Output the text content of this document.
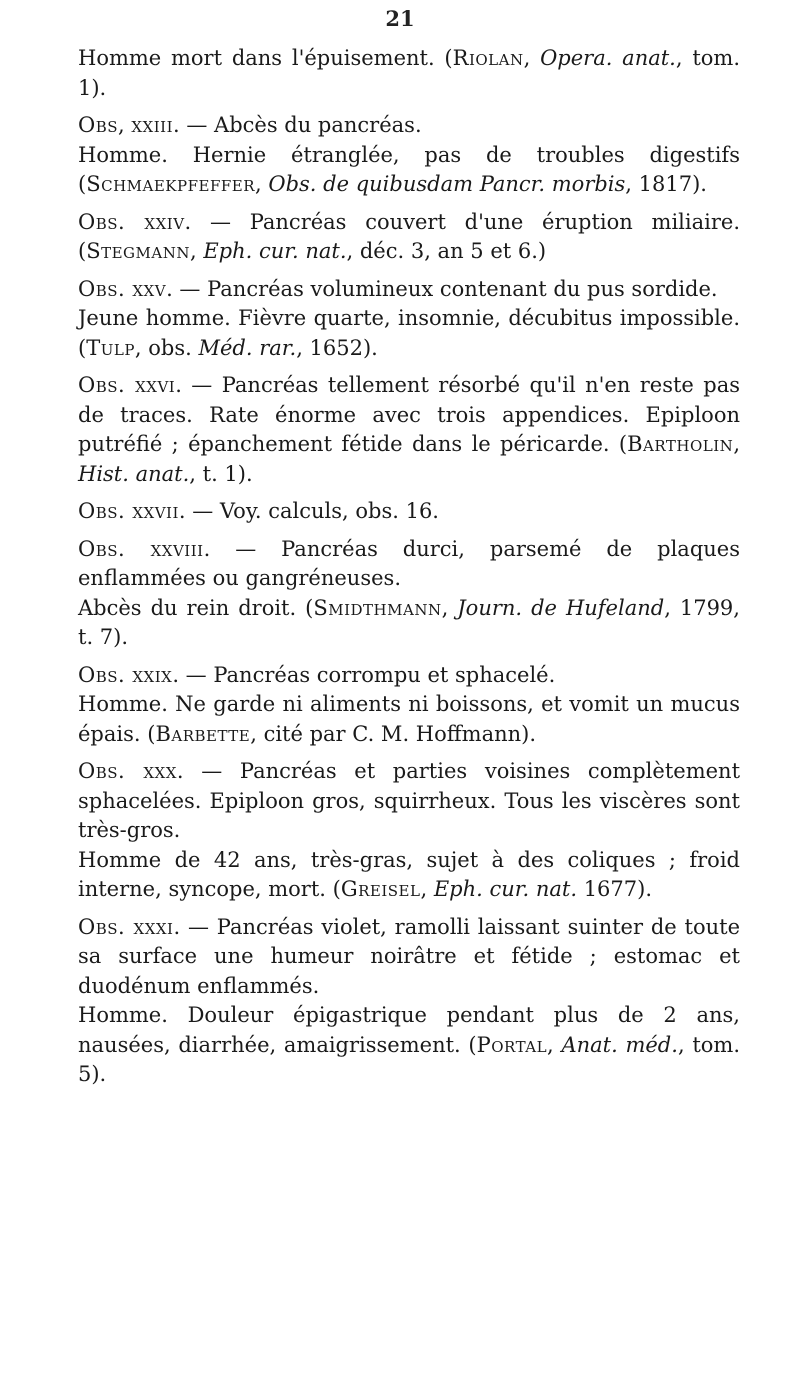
21

Homme mort dans l'épuisement. (Riolan, Opera. anat., tom. 1).

Obs, xxiii. — Abcès du pancréas.

Homme. Hernie étranglée, pas de troubles digestifs (Schmaekpfeffer, Obs. de quibusdam Pancr. morbis, 1817).

Obs. xxiv. — Pancréas couvert d'une éruption miliaire. (Stegmann, Eph. cur. nat., déc. 3, an 5 et 6.)

Obs. xxv. — Pancréas volumineux contenant du pus sordide.

Jeune homme. Fièvre quarte, insomnie, décubitus impossible. (Tulp, obs. Méd. rar., 1652).

Obs. xxvi. — Pancréas tellement résorbé qu'il n'en reste pas de traces. Rate énorme avec trois appendices. Epiploon putréfié ; épanchement fétide dans le péricarde. (Bartholin, Hist. anat., t. 1).

Obs. xxvii. — Voy. calculs, obs. 16.

Obs. xxviii. — Pancréas durci, parsemé de plaques enflammées ou gangréneuses.

Abcès du rein droit. (Smidthmann, Journ. de Hufeland, 1799, t. 7).

Obs. xxix. — Pancréas corrompu et sphacelé.

Homme. Ne garde ni aliments ni boissons, et vomit un mucus épais. (Barbette, cité par C. M. Hoffmann).

Obs. xxx. — Pancréas et parties voisines complètement sphacelées. Epiploon gros, squirrheux. Tous les viscères sont très-gros.

Homme de 42 ans, très-gras, sujet à des coliques ; froid interne, syncope, mort. (Greisel, Eph. cur. nat. 1677).

Obs. xxxi. — Pancréas violet, ramolli laissant suinter de toute sa surface une humeur noirâtre et fétide ; estomac et duodénum enflammés.

Homme. Douleur épigastrique pendant plus de 2 ans, nausées, diarrhée, amaigrissement. (Portal, Anat. méd., tom. 5).
